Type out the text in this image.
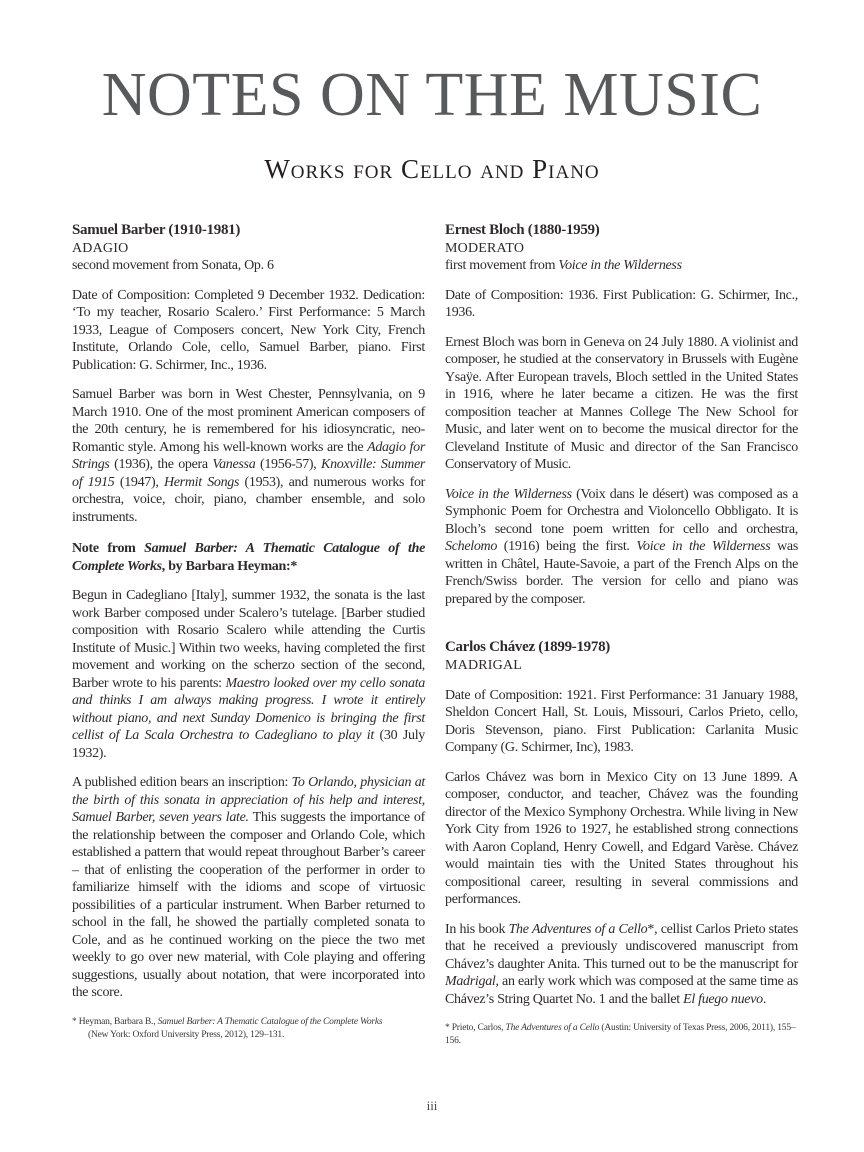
NOTES ON THE MUSIC
Works for Cello and Piano
Samuel Barber (1910-1981)
ADAGIO
second movement from Sonata, Op. 6

Date of Composition: Completed 9 December 1932. Dedication: ‘To my teacher, Rosario Scalero.’ First Performance: 5 March 1933, League of Composers concert, New York City, French Institute, Orlando Cole, cello, Samuel Barber, piano. First Publication: G. Schirmer, Inc., 1936.

Samuel Barber was born in West Chester, Pennsylvania, on 9 March 1910. One of the most prominent American composers of the 20th century, he is remembered for his idiosyncratic, neo-Romantic style. Among his well-known works are the Adagio for Strings (1936), the opera Vanessa (1956-57), Knoxville: Summer of 1915 (1947), Hermit Songs (1953), and numerous works for orchestra, voice, choir, piano, chamber ensemble, and solo instruments.

Note from Samuel Barber: A Thematic Catalogue of the Complete Works, by Barbara Heyman:*

Begun in Cadegliano [Italy], summer 1932, the sonata is the last work Barber composed under Scalero’s tutelage. [Barber studied composition with Rosario Scalero while attending the Curtis Institute of Music.] Within two weeks, having completed the first movement and working on the scherzo section of the second, Barber wrote to his parents: Maestro looked over my cello sonata and thinks I am always making progress. I wrote it entirely without piano, and next Sunday Domenico is bringing the first cellist of La Scala Orchestra to Cadegliano to play it (30 July 1932).

A published edition bears an inscription: To Orlando, physician at the birth of this sonata in appreciation of his help and interest, Samuel Barber, seven years late. This suggests the importance of the relationship between the composer and Orlando Cole, which established a pattern that would repeat throughout Barber’s career – that of enlisting the cooperation of the performer in order to familiarize himself with the idioms and scope of virtuosic possibilities of a particular instrument. When Barber returned to school in the fall, he showed the partially completed sonata to Cole, and as he continued working on the piece the two met weekly to go over new material, with Cole playing and offering suggestions, usually about notation, that were incorporated into the score.

* Heyman, Barbara B., Samuel Barber: A Thematic Catalogue of the Complete Works
(New York: Oxford University Press, 2012), 129–131.
Ernest Bloch (1880-1959)
MODERATO
first movement from Voice in the Wilderness

Date of Composition: 1936. First Publication: G. Schirmer, Inc., 1936.

Ernest Bloch was born in Geneva on 24 July 1880. A violinist and composer, he studied at the conservatory in Brussels with Eugène Ysaÿe. After European travels, Bloch settled in the United States in 1916, where he later became a citizen. He was the first composition teacher at Mannes College The New School for Music, and later went on to become the musical director for the Cleveland Institute of Music and director of the San Francisco Conservatory of Music.

Voice in the Wilderness (Voix dans le désert) was composed as a Symphonic Poem for Orchestra and Violoncello Obbligato. It is Bloch’s second tone poem written for cello and orchestra, Schelomo (1916) being the first. Voice in the Wilderness was written in Châtel, Haute-Savoie, a part of the French Alps on the French/Swiss border. The version for cello and piano was prepared by the composer.

Carlos Chávez (1899-1978)
MADRIGAL

Date of Composition: 1921. First Performance: 31 January 1988, Sheldon Concert Hall, St. Louis, Missouri, Carlos Prieto, cello, Doris Stevenson, piano. First Publication: Carlanita Music Company (G. Schirmer, Inc), 1983.

Carlos Chávez was born in Mexico City on 13 June 1899. A composer, conductor, and teacher, Chávez was the founding director of the Mexico Symphony Orchestra. While living in New York City from 1926 to 1927, he established strong connections with Aaron Copland, Henry Cowell, and Edgard Varèse. Chávez would maintain ties with the United States throughout his compositional career, resulting in several commissions and performances.

In his book The Adventures of a Cello*, cellist Carlos Prieto states that he received a previously undiscovered manuscript from Chávez’s daughter Anita. This turned out to be the manuscript for Madrigal, an early work which was composed at the same time as Chávez’s String Quartet No. 1 and the ballet El fuego nuevo.

* Prieto, Carlos, The Adventures of a Cello (Austin: University of Texas Press, 2006, 2011), 155–156.
iii
